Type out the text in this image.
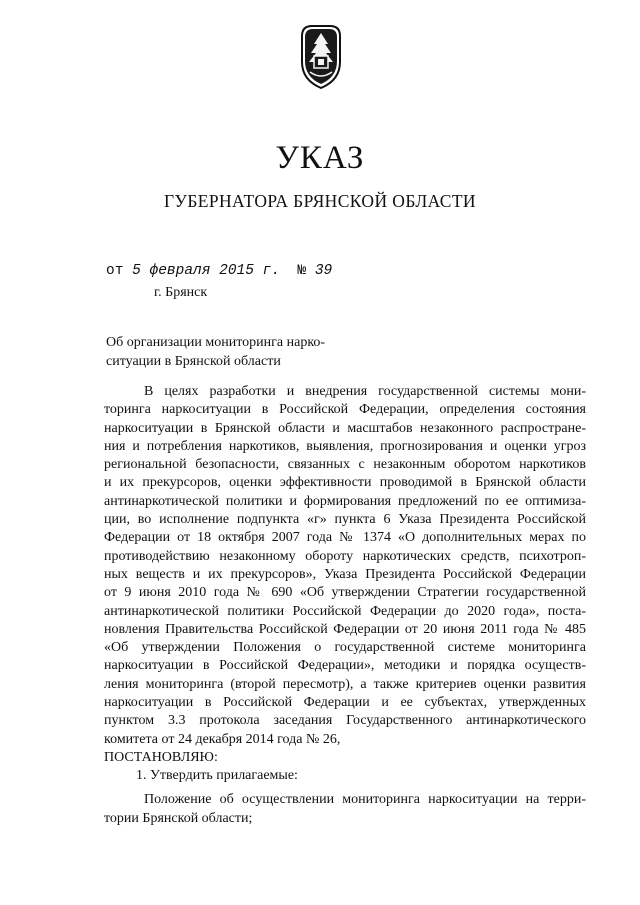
УКАЗ
ГУБЕРНАТОРА БРЯНСКОЙ ОБЛАСТИ
от 5 февраля 2015 г. № 39
г. Брянск
Об организации мониторинга нарко-
ситуации в Брянской области
В целях разработки и внедрения государственной системы мони-
торинга наркоситуации в Российской Федерации, определения состояния
наркоситуации в Брянской области и масштабов незаконного распростране-
ния и потребления наркотиков, выявления, прогнозирования и оценки угроз
региональной безопасности, связанных с незаконным оборотом наркотиков
и их прекурсоров, оценки эффективности проводимой в Брянской области
антинаркотической политики и формирования предложений по ее оптимиза-
ции, во исполнение подпункта «г» пункта 6 Указа Президента Российской
Федерации от 18 октября 2007 года № 1374 «О дополнительных мерах по
противодействию незаконному обороту наркотических средств, психотроп-
ных веществ и их прекурсоров», Указа Президента Российской Федерации
от 9 июня 2010 года № 690 «Об утверждении Стратегии государственной
антинаркотической политики Российской Федерации до 2020 года», поста-
новления Правительства Российской Федерации от 20 июня 2011 года № 485
«Об утверждении Положения о государственной системе мониторинга
наркоситуации в Российской Федерации», методики и порядка осуществ-
ления мониторинга (второй пересмотр), а также критериев оценки развития
наркоситуации в Российской Федерации и ее субъектах, утвержденных
пунктом 3.3 протокола заседания Государственного антинаркотического
комитета от 24 декабря 2014 года № 26,
ПОСТАНОВЛЯЮ:
1. Утвердить прилагаемые:
Положение об осуществлении мониторинга наркоситуации на терри-
тории Брянской области;
